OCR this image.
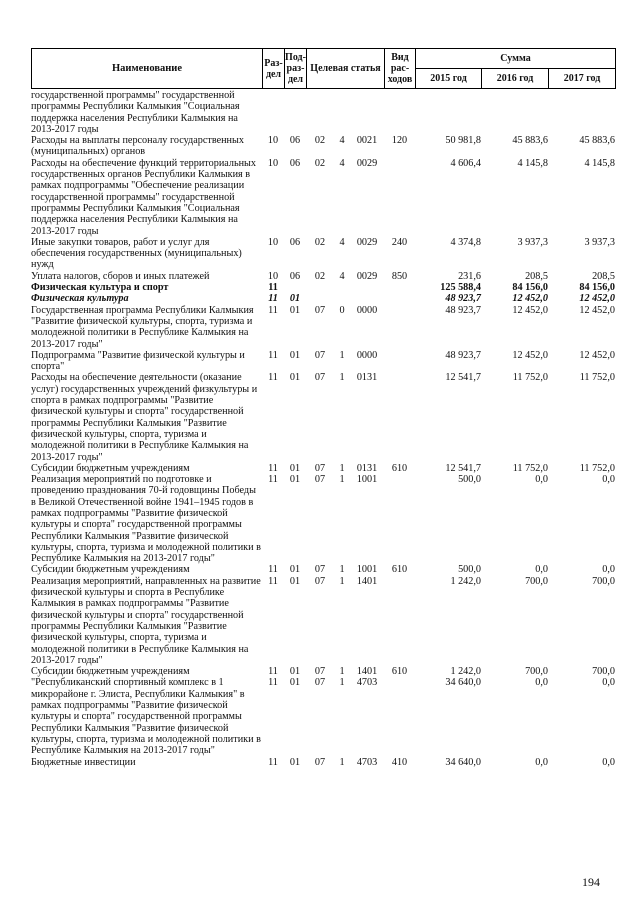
Наименование	Раз-дел	Под-раз-дел	Целевая статья	Вид рас-ходов	Сумма		
					2015 год	2016 год	2017 год
государственной программы" государственной программы Республики Калмыкия "Социальная поддержка населения Республики Калмыкия на 2013-2017 годы									
Расходы на выплаты персоналу государственных (муниципальных) органов	10	06	02	4	0021	120	50 981,8	45 883,6	45 883,6
Расходы на обеспечение функций территориальных государственных органов Республики Калмыкия в рамках подпрограммы "Обеспечение реализации государственной программы" государственной программы Республики Калмыкия "Социальная поддержка населения Республики Калмыкия на 2013-2017 годы	10	06	02	4	0029		4 606,4	4 145,8	4 145,8
Иные закупки товаров, работ и услуг для обеспечения государственных (муниципальных) нужд	10	06	02	4	0029	240	4 374,8	3 937,3	3 937,3
Уплата налогов, сборов и иных платежей	10	06	02	4	0029	850	231,6	208,5	208,5
Физическая культура и спорт	11						125 588,4	84 156,0	84 156,0
Физическая культура	11	01					48 923,7	12 452,0	12 452,0
Государственная программа Республики Калмыкия "Развитие физической культуры, спорта, туризма и молодежной политики в Республике Калмыкия на 2013-2017 годы"	11	01	07	0	0000		48 923,7	12 452,0	12 452,0
Подпрограмма "Развитие физической культуры и спорта"	11	01	07	1	0000		48 923,7	12 452,0	12 452,0
Расходы на обеспечение деятельности (оказание услуг) государственных учреждений физкультуры и спорта в рамках подпрограммы "Развитие физической культуры и спорта" государственной программы Республики Калмыкия "Развитие физической культуры, спорта, туризма и молодежной политики в Республике Калмыкия на 2013-2017 годы"	11	01	07	1	0131		12 541,7	11 752,0	11 752,0
Субсидии бюджетным учреждениям	11	01	07	1	0131	610	12 541,7	11 752,0	11 752,0
Реализация мероприятий по подготовке и проведению празднования 70-й годовщины Победы в Великой Отечественной войне 1941–1945 годов в рамках подпрограммы "Развитие физической культуры и спорта" государственной программы Республики Калмыкия "Развитие физической культуры, спорта, туризма и молодежной политики в Республике Калмыкия на 2013-2017 годы"	11	01	07	1	1001		500,0	0,0	0,0
Субсидии бюджетным учреждениям	11	01	07	1	1001	610	500,0	0,0	0,0
Реализация мероприятий, направленных на развитие физической культуры и спорта в Республике Калмыкия в рамках подпрограммы "Развитие физической культуры и спорта" государственной программы Республики Калмыкия "Развитие физической культуры, спорта, туризма и молодежной политики в Республике Калмыкия на 2013-2017 годы"	11	01	07	1	1401		1 242,0	700,0	700,0
Субсидии бюджетным учреждениям	11	01	07	1	1401	610	1 242,0	700,0	700,0
"Республиканский спортивный комплекс в 1 микрорайоне г. Элиста, Республики Калмыкия" в рамках подпрограммы "Развитие физической культуры и спорта" государственной программы Республики Калмыкия "Развитие физической культуры, спорта, туризма и молодежной политики в Республике Калмыкия на 2013-2017 годы"	11	01	07	1	4703		34 640,0	0,0	0,0
Бюджетные инвестиции	11	01	07	1	4703	410	34 640,0	0,0	0,0
194
